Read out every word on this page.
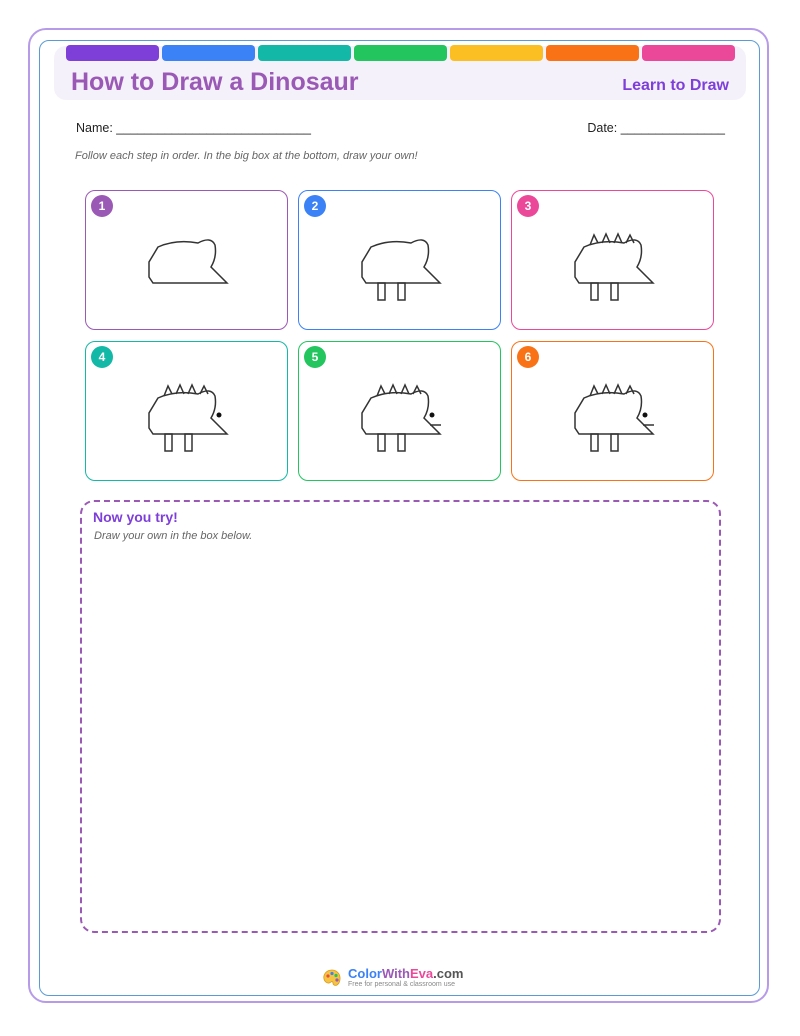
How to Draw a Dinosaur	Learn to Draw
Name: ____________________________	Date: _______________
Follow each step in order. In the big box at the bottom, draw your own!
1	2	3
4	5	6
Now you try!
Draw your own in the box below.
ColorWithEva.com
Free for personal & classroom use
